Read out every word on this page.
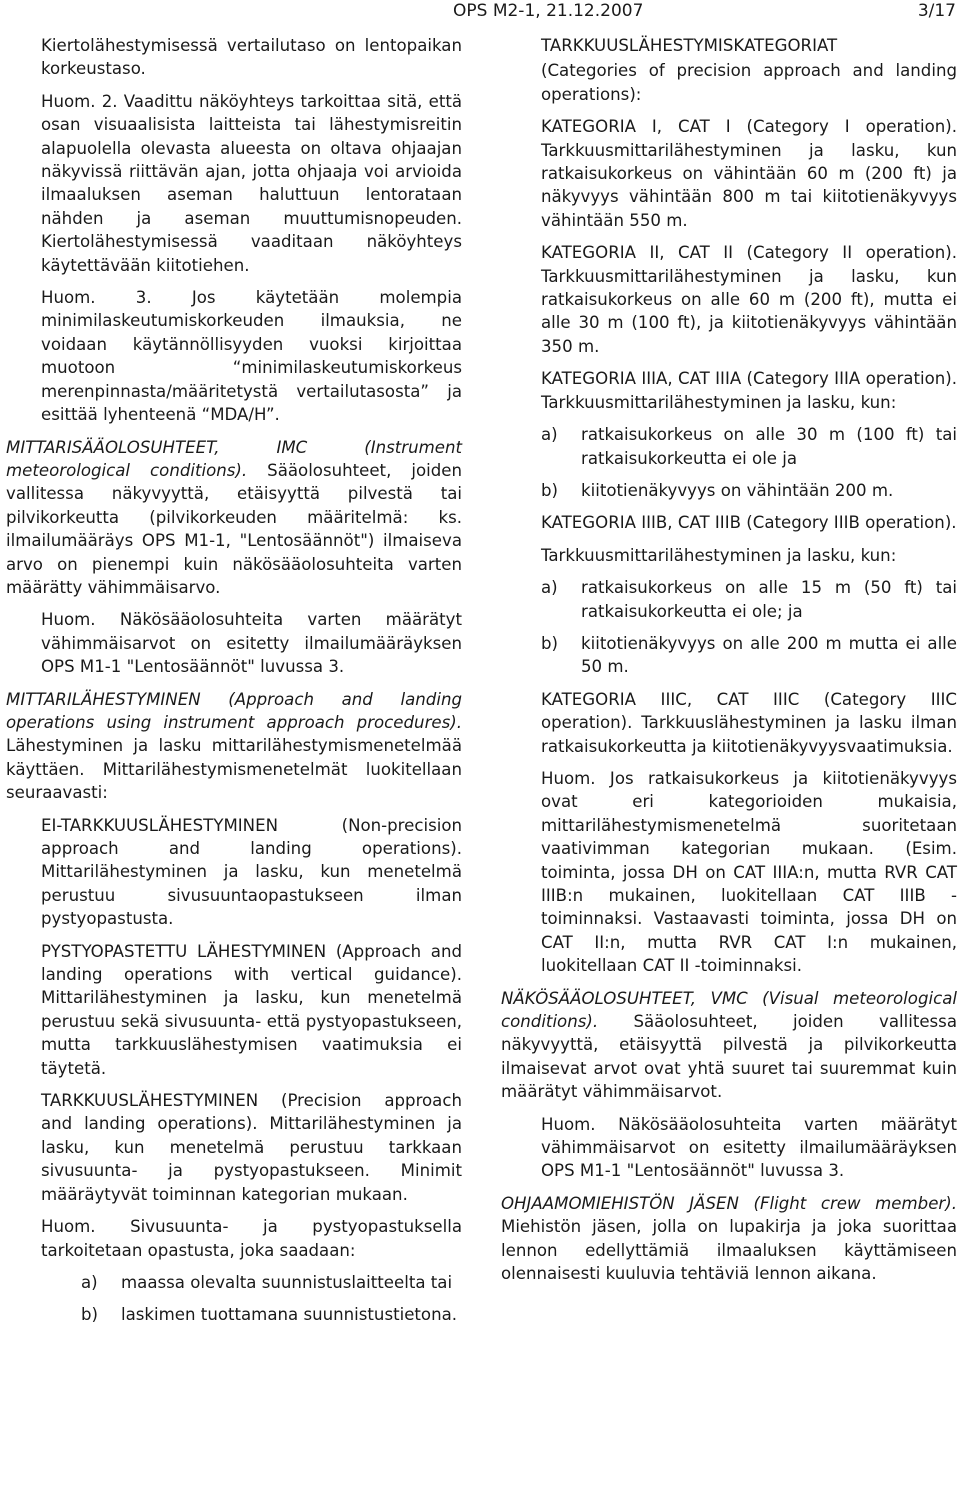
OPS M2-1, 21.12.2007	3/17

Kiertolähestymisessä vertailutaso on lentopaikan korkeustaso.

Huom. 2. Vaadittu näköyhteys tarkoittaa sitä, että osan visuaalisista laitteista tai lähestymisreitin alapuolella olevasta alueesta on oltava ohjaajan näkyvissä riittävän ajan, jotta ohjaaja voi arvioida ilmaaluksen aseman haluttuun lentorataan nähden ja aseman muuttumisnopeuden. Kiertolähestymisessä vaaditaan näköyhteys käytettävään kiitotiehen.

Huom. 3. Jos käytetään molempia minimilaskeutumiskorkeuden ilmauksia, ne voidaan käytännöllisyyden vuoksi kirjoittaa muotoon “minimilaskeutumiskorkeus merenpinnasta/määritetystä vertailutasosta” ja esittää lyhenteenä “MDA/H”.

MITTARISÄÄOLOSUHTEET, IMC (Instrument meteorological conditions). Sääolosuhteet, joiden vallitessa näkyvyyttä, etäisyyttä pilvestä tai pilvikorkeutta (pilvikorkeuden määritelmä: ks. ilmailumääräys OPS M1-1, "Lentosäännöt") ilmaiseva arvo on pienempi kuin näkösääolosuhteita varten määrätty vähimmäisarvo.

Huom. Näkösääolosuhteita varten määrätyt vähimmäisarvot on esitetty ilmailumääräyksen OPS M1-1 "Lentosäännöt" luvussa 3.

MITTARILÄHESTYMINEN (Approach and landing operations using instrument approach procedures). Lähestyminen ja lasku mittarilähestymismenetelmää käyttäen. Mittarilähestymismenetelmät luokitellaan seuraavasti:

EI-TARKKUUSLÄHESTYMINEN (Non-precision approach and landing operations). Mittarilähestyminen ja lasku, kun menetelmä perustuu sivusuuntaopastukseen ilman pystyopastusta.

PYSTYOPASTETTU LÄHESTYMINEN (Approach and landing operations with vertical guidance). Mittarilähestyminen ja lasku, kun menetelmä perustuu sekä sivusuunta- että pystyopastukseen, mutta tarkkuuslähestymisen vaatimuksia ei täytetä.

TARKKUUSLÄHESTYMINEN (Precision approach and landing operations). Mittarilähestyminen ja lasku, kun menetelmä perustuu tarkkaan sivusuunta- ja pystyopastukseen. Minimit määräytyvät toiminnan kategorian mukaan.

Huom. Sivusuunta- ja pystyopastuksella tarkoitetaan opastusta, joka saadaan:

a)	maassa olevalta suunnistuslaitteelta tai
b)	laskimen tuottamana suunnistustietona.

TARKKUUSLÄHESTYMISKATEGORIAT

(Categories of precision approach and landing operations):

KATEGORIA I, CAT I (Category I operation). Tarkkuusmittarilähestyminen ja lasku, kun ratkaisukorkeus on vähintään 60 m (200 ft) ja näkyvyys vähintään 800 m tai kiitotienäkyvyys vähintään 550 m.

KATEGORIA II, CAT II (Category II operation). Tarkkuusmittarilähestyminen ja lasku, kun ratkaisukorkeus on alle 60 m (200 ft), mutta ei alle 30 m (100 ft), ja kiitotienäkyvyys vähintään 350 m.

KATEGORIA IIIA, CAT IIIA (Category IIIA operation). Tarkkuusmittarilähestyminen ja lasku, kun:

a)	ratkaisukorkeus on alle 30 m (100 ft) tai ratkaisukorkeutta ei ole ja
b)	kiitotienäkyvyys on vähintään 200 m.

KATEGORIA IIIB, CAT IIIB (Category IIIB operation).

Tarkkuusmittarilähestyminen ja lasku, kun:

a)	ratkaisukorkeus on alle 15 m (50 ft) tai ratkaisukorkeutta ei ole; ja
b)	kiitotienäkyvyys on alle 200 m mutta ei alle 50 m.

KATEGORIA IIIC, CAT IIIC (Category IIIC operation). Tarkkuuslähestyminen ja lasku ilman ratkaisukorkeutta ja kiitotienäkyvyysvaatimuksia.

Huom. Jos ratkaisukorkeus ja kiitotienäkyvyys ovat eri kategorioiden mukaisia, mittarilähestymismenetelmä suoritetaan vaativimman kategorian mukaan. (Esim. toiminta, jossa DH on CAT IIIA:n, mutta RVR CAT IIIB:n mukainen, luokitellaan CAT IIIB -toiminnaksi. Vastaavasti toiminta, jossa DH on CAT II:n, mutta RVR CAT I:n mukainen, luokitellaan CAT II -toiminnaksi.

NÄKÖSÄÄOLOSUHTEET, VMC (Visual meteorological conditions). Sääolosuhteet, joiden vallitessa näkyvyyttä, etäisyyttä pilvestä ja pilvikorkeutta ilmaisevat arvot ovat yhtä suuret tai suuremmat kuin määrätyt vähimmäisarvot.

Huom. Näkösääolosuhteita varten määrätyt vähimmäisarvot on esitetty ilmailumääräyksen OPS M1-1 "Lentosäännöt" luvussa 3.

OHJAAMOMIEHISTÖN JÄSEN (Flight crew member). Miehistön jäsen, jolla on lupakirja ja joka suorittaa lennon edellyttämiä ilmaaluksen käyttämiseen olennaisesti kuuluvia tehtäviä lennon aikana.
